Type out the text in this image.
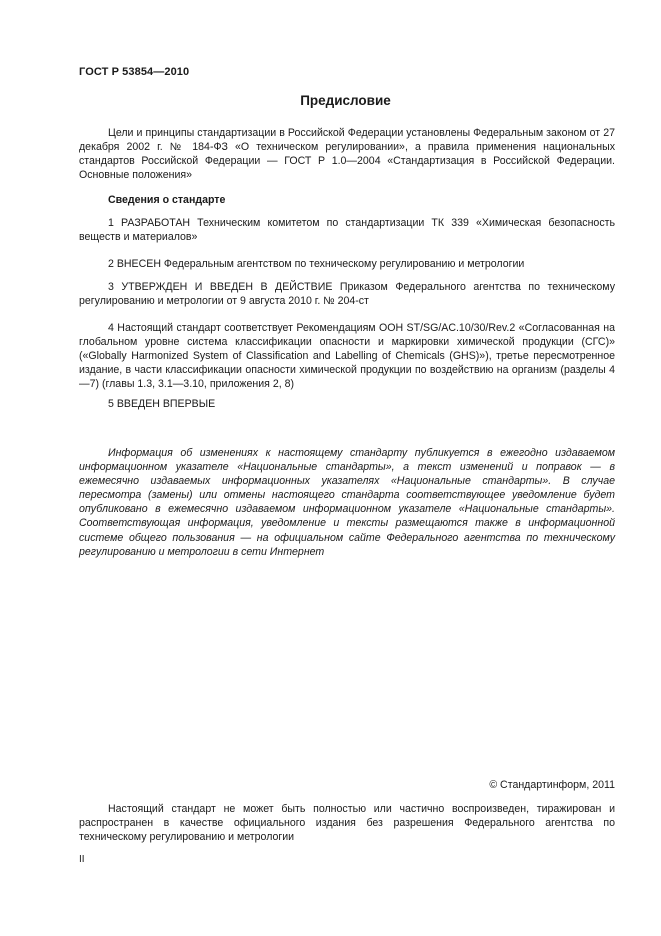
ГОСТ Р 53854—2010
Предисловие

Цели и принципы стандартизации в Российской Федерации установлены Федеральным законом от 27 декабря 2002 г. № 184-ФЗ «О техническом регулировании», а правила применения национальных стандартов Российской Федерации — ГОСТ Р 1.0—2004 «Стандартизация в Российской Федерации. Основные положения»

Сведения о стандарте

1 РАЗРАБОТАН Техническим комитетом по стандартизации ТК 339 «Химическая безопасность веществ и материалов»

2 ВНЕСЕН Федеральным агентством по техническому регулированию и метрологии

3 УТВЕРЖДЕН И ВВЕДЕН В ДЕЙСТВИЕ Приказом Федерального агентства по техническому регулированию и метрологии от 9 августа 2010 г. № 204-ст

4 Настоящий стандарт соответствует Рекомендациям ООН ST/SG/AC.10/30/Rev.2 «Согласованная на глобальном уровне система классификации опасности и маркировки химической продукции (СГС)» («Globally Harmonized System of Classification and Labelling of Chemicals (GHS)»), третье пересмотренное издание, в части классификации опасности химической продукции по воздействию на организм (разделы 4—7) (главы 1.3, 3.1—3.10, приложения 2, 8)

5 ВВЕДЕН ВПЕРВЫЕ

Информация об изменениях к настоящему стандарту публикуется в ежегодно издаваемом информационном указателе «Национальные стандарты», а текст изменений и поправок — в ежемесячно издаваемых информационных указателях «Национальные стандарты». В случае пересмотра (замены) или отмены настоящего стандарта соответствующее уведомление будет опубликовано в ежемесячно издаваемом информационном указателе «Национальные стандарты». Соответствующая информация, уведомление и тексты размещаются также в информационной системе общего пользования — на официальном сайте Федерального агентства по техническому регулированию и метрологии в сети Интернет

© Стандартинформ, 2011

Настоящий стандарт не может быть полностью или частично воспроизведен, тиражирован и распространен в качестве официального издания без разрешения Федерального агентства по техническому регулированию и метрологии

II
